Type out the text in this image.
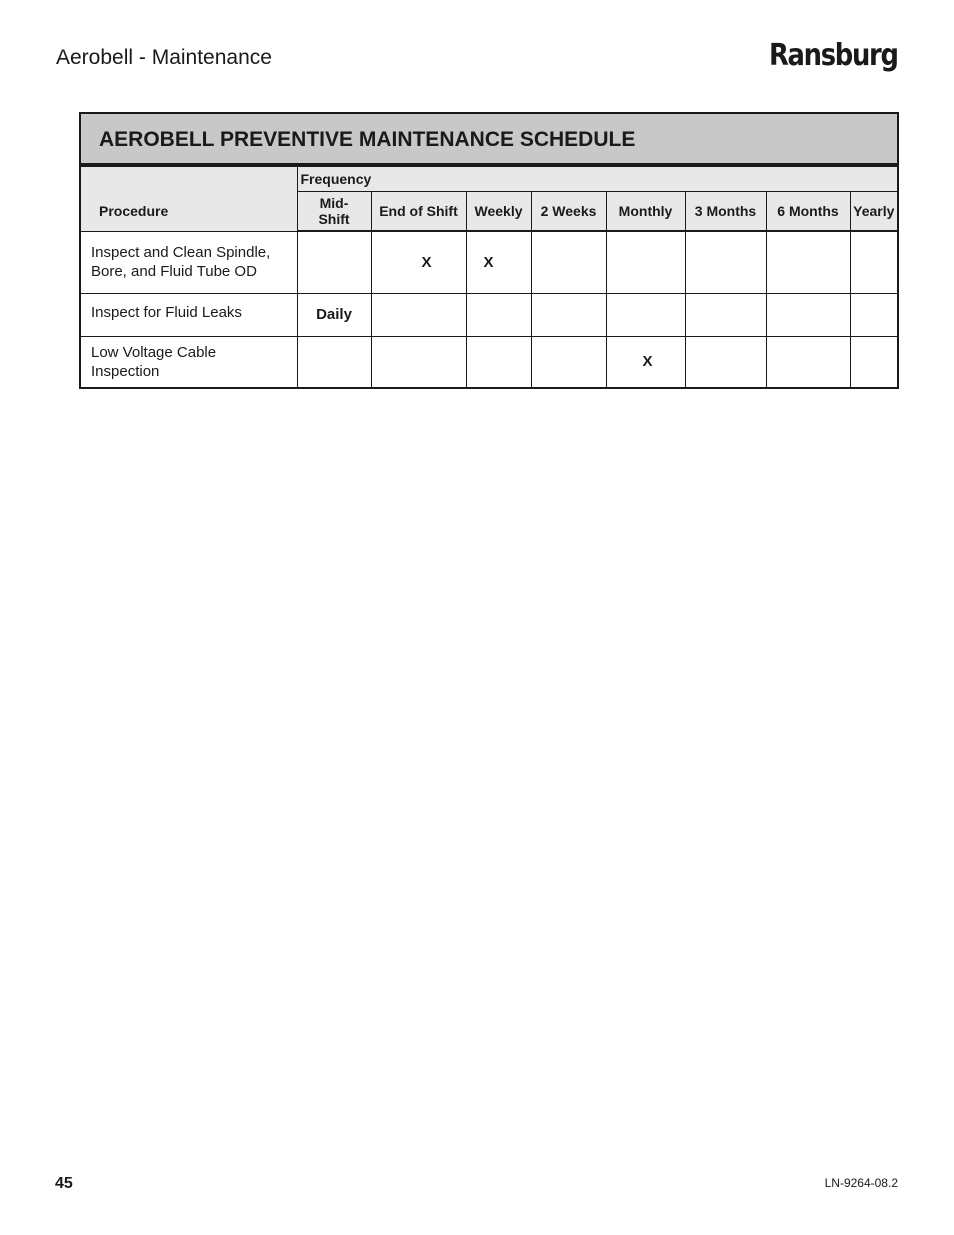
Aerobell - Maintenance	Ransburg
AEROBELL PREVENTIVE MAINTENANCE SCHEDULE
Procedure	Frequency							
	Mid-
Shift	End of Shift	Weekly	2 Weeks	Monthly	3 Months	6 Months	Yearly
Inspect and Clean Spindle, Bore, and Fluid Tube OD		X	X					
Inspect for Fluid Leaks	Daily							
Low Voltage Cable Inspection					X			
45	LN-9264-08.2
